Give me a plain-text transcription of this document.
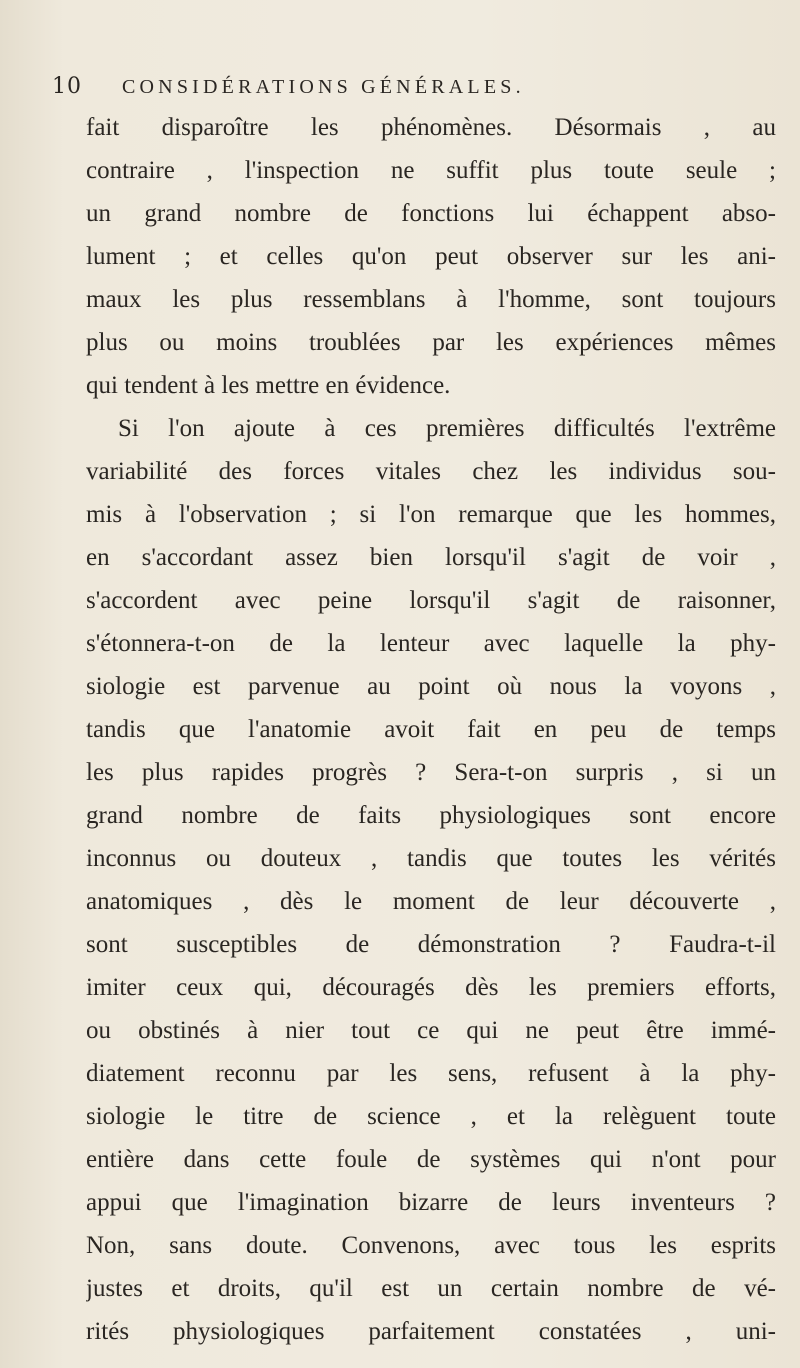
10 CONSIDÉRATIONS GÉNÉRALES.
fait disparoître les phénomènes. Désormais , au
contraire , l'inspection ne suffit plus toute seule ;
un grand nombre de fonctions lui échappent abso-
lument ; et celles qu'on peut observer sur les ani-
maux les plus ressemblans à l'homme, sont toujours
plus ou moins troublées par les expériences mêmes
qui tendent à les mettre en évidence.
Si l'on ajoute à ces premières difficultés l'extrême
variabilité des forces vitales chez les individus sou-
mis à l'observation ; si l'on remarque que les hommes,
en s'accordant assez bien lorsqu'il s'agit de voir ,
s'accordent avec peine lorsqu'il s'agit de raisonner,
s'étonnera-t-on de la lenteur avec laquelle la phy-
siologie est parvenue au point où nous la voyons ,
tandis que l'anatomie avoit fait en peu de temps
les plus rapides progrès ? Sera-t-on surpris , si un
grand nombre de faits physiologiques sont encore
inconnus ou douteux , tandis que toutes les vérités
anatomiques , dès le moment de leur découverte ,
sont susceptibles de démonstration ? Faudra-t-il
imiter ceux qui, découragés dès les premiers efforts,
ou obstinés à nier tout ce qui ne peut être immé-
diatement reconnu par les sens, refusent à la phy-
siologie le titre de science , et la relèguent toute
entière dans cette foule de systèmes qui n'ont pour
appui que l'imagination bizarre de leurs inventeurs ?
Non, sans doute. Convenons, avec tous les esprits
justes et droits, qu'il est un certain nombre de vé-
rités physiologiques parfaitement constatées , uni-
